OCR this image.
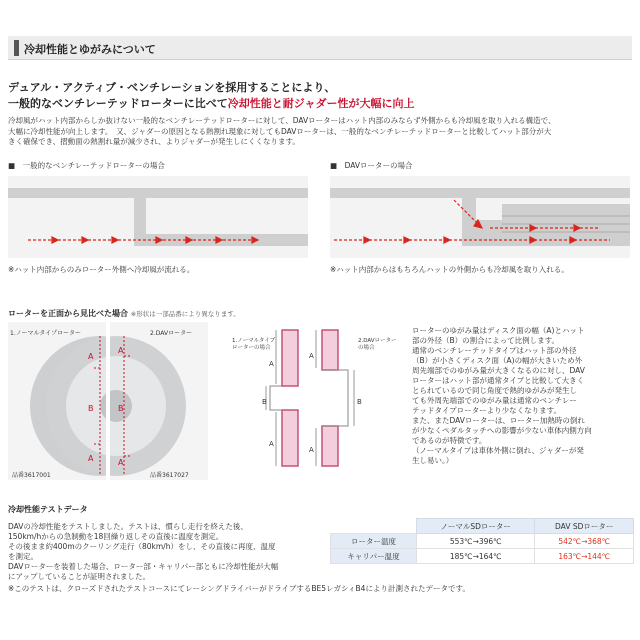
冷却性能とゆがみについて
デュアル・アクティブ・ベンチレーションを採用することにより、
一般的なベンチレーテッドローターに比べて冷却性能と耐ジャダー性が大幅に向上
冷却風がハット内部からしか抜けない一般的なベンチレーテッドローターに対して、DAVローターはハット内部のみならず外側からも冷却風を取り入れる構造で、
大幅に冷却性能が向上します。　又、ジャダーの原因となる熱割れ現象に対してもDAVローターは、一般的なベンチレーテッドローターと比較してハット部分が大
きく確保でき、摺動面の熱割れ量が減少され、よりジャダーが発生しにくくなります。
■　一般的なベンチレーテッドローターの場合	■　DAVローターの場合
※ハット内部からのみローター外側へ冷却風が流れる。	※ハット内部からはもちろんハットの外側からも冷却風を取り入れる。
ローターを正面から見比べた場合 ※形状は一部品番により異なります。
1.ノーマルタイプローター	2.DAVローター
A
B
A
A
B
A
品番3617001	品番3617027
1.ノーマルタイプ
ローターの場合
2.DAVローター
の場合
A
B
A
A
B
A
ローターのゆがみ量はディスク面の幅（A)とハット
部の外径（B）の割合によって比例します。
通常のベンチレーテッドタイプはハット部の外径
（B）が小さくディスク面（A)の幅が大きいため外
周先端部でのゆがみ量が大きくなるのに対し、DAV
ローターはハット部が通常タイプと比較して大きく
とられているので同じ角度で熱的ゆがみが発生し
ても外周先端部でのゆがみ量は通常のベンチレー
テッドタイプローターより少なくなります。
また、またDAVローターは、ローター加熱時の倒れ
が少なくペダルタッチへの影響が少ない車体内側方向
であるのが特徴です。
（ノーマルタイプは車体外側に倒れ、ジャダーが発
生し易い。）
冷却性能テストデータ
DAVの冷却性能をテストしました。テストは、慣らし走行を終えた後、
150km/hからの急制動を18回繰り返しその直後に温度を測定。
その後まま約400mのクーリング走行（80km/h）をし、その直後に再度、温度
を測定。
DAVローターを装着した場合、ローター部・キャリパー部ともに冷却性能が大幅
にアップしていることが証明されました。
	ノーマルSDローター	DAV SDローター
ローター温度	553℃→396℃	542℃→368℃
キャリパー温度	185℃→164℃	163℃→144℃
※このテストは、クローズドされたテストコースにてレーシングドライバーがドライブするBE5レガシィB4により計測されたデータです。
